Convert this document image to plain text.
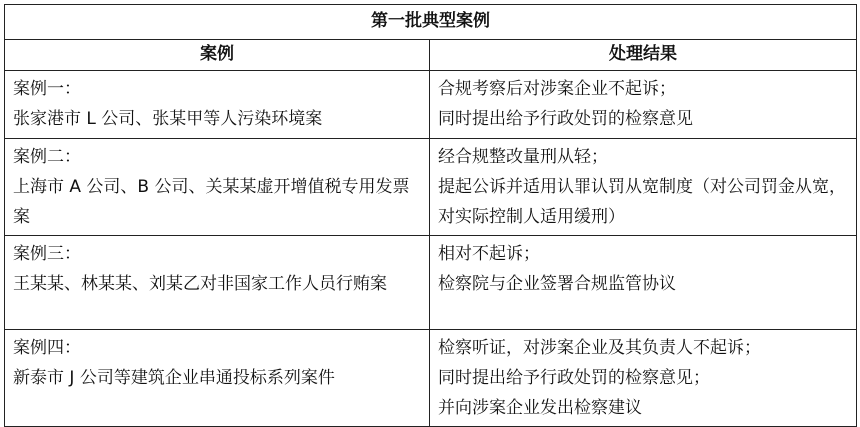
第一批典型案例	
案例	处理结果

案例一：
张家港市 L 公司、张某甲等人污染环境案	合规考察后对涉案企业不起诉；
同时提出给予行政处罚的检察意见

案例二：
上海市 A 公司、B 公司、关某某虚开增值税专用发票案	经合规整改量刑从轻；
提起公诉并适用认罪认罚从宽制度（对公司罚金从宽，对实际控制人适用缓刑）

案例三：
王某某、林某某、刘某乙对非国家工作人员行贿案	相对不起诉；
检察院与企业签署合规监管协议

案例四：
新泰市 J 公司等建筑企业串通投标系列案件	检察听证，对涉案企业及其负责人不起诉；
同时提出给予行政处罚的检察意见；
并向涉案企业发出检察建议
